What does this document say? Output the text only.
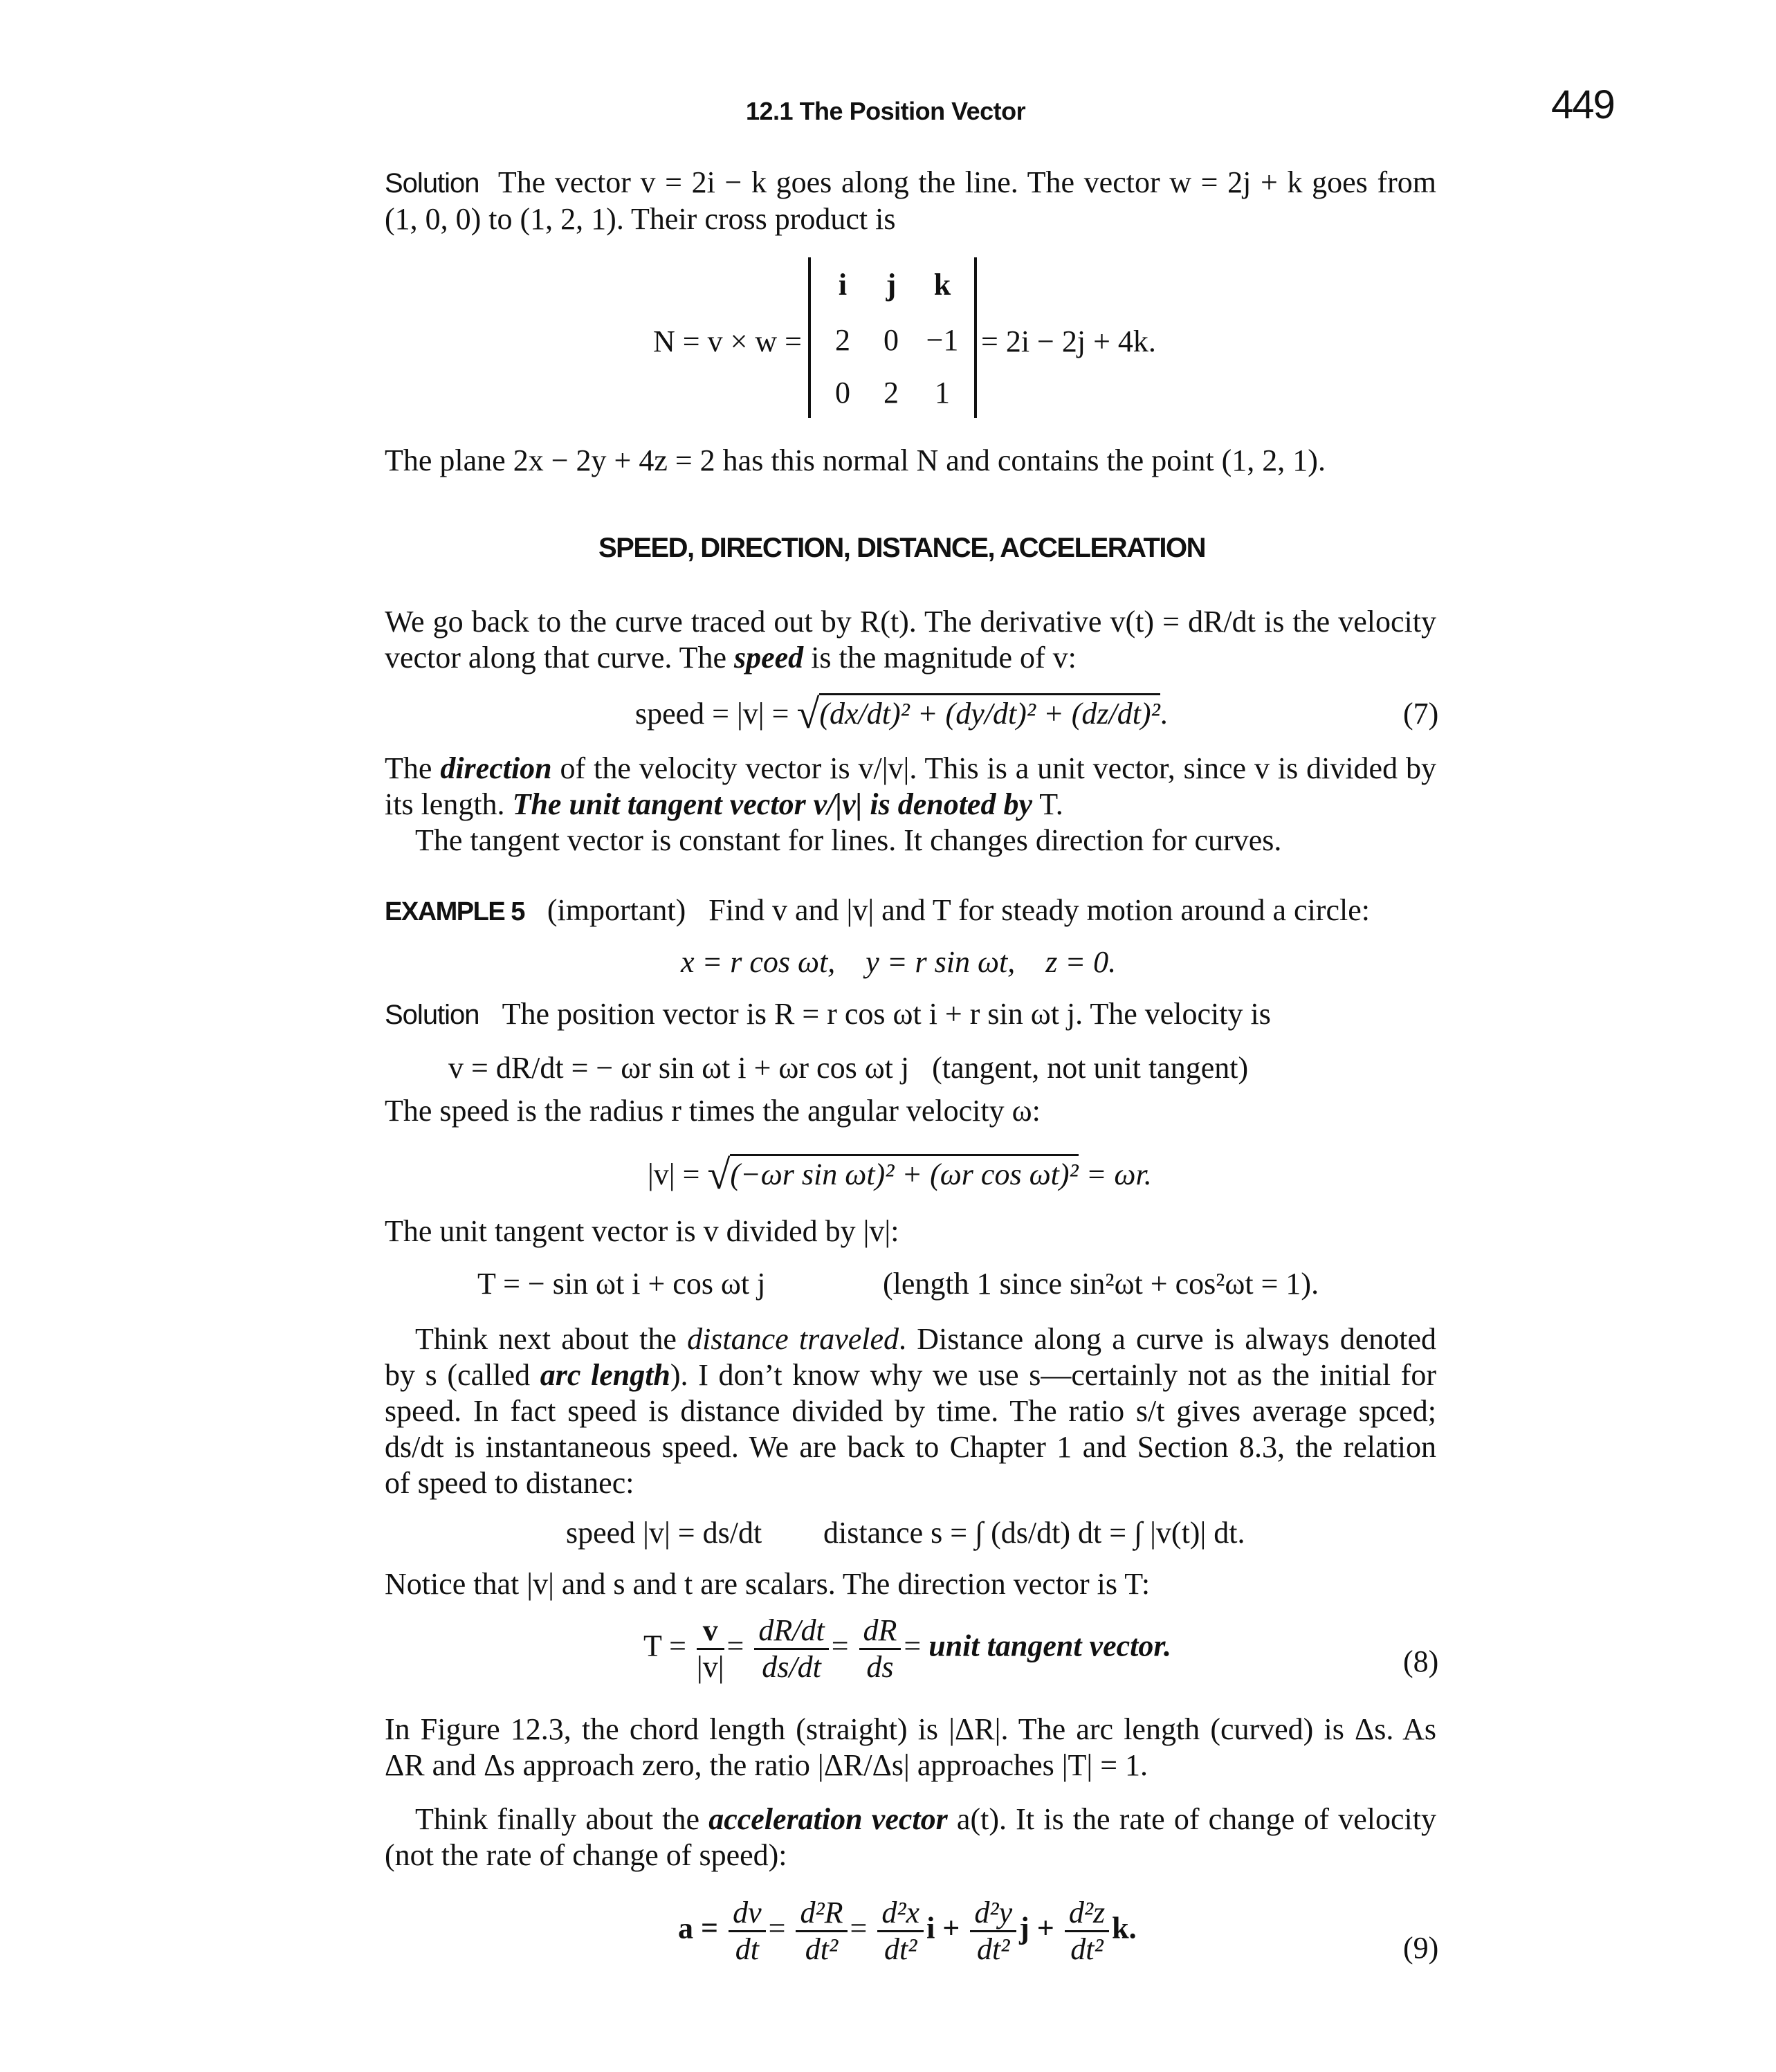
12.1 The Position Vector	449
Solution The vector v = 2i − k goes along the line. The vector w = 2j + k goes from
(1, 0, 0) to (1, 2, 1). Their cross product is
N = v × w =
i	j	k
2	0 −1
0	2	1
= 2i − 2j + 4k.
The plane 2x − 2y + 4z = 2 has this normal N and contains the point (1, 2, 1).
SPEED, DIRECTION, DISTANCE, ACCELERATION
We go back to the curve traced out by R(t). The derivative v(t) = dR/dt is the velocity
vector along that curve. The speed is the magnitude of v:
speed = |v| = √(dx/dt)² + (dy/dt)² + (dz/dt)².	(7)
The direction of the velocity vector is v/|v|. This is a unit vector, since v is divided by
its length. The unit tangent vector v/|v| is denoted by T.
The tangent vector is constant for lines. It changes direction for curves.
EXAMPLE 5 (important) Find v and |v| and T for steady motion around a circle:
x = r cos ωt,    y = r sin ωt,    z = 0.
Solution The position vector is R = r cos ωt i + r sin ωt j. The velocity is
v = dR/dt = − ωr sin ωt i + ωr cos ωt j (tangent, not unit tangent)
The speed is the radius r times the angular velocity ω:
|v| = √(−ωr sin ωt)² + (ωr cos ωt)² = ωr.
The unit tangent vector is v divided by |v|:
T = − sin ωt i + cos ωt j	(length 1 since sin²ωt + cos²ωt = 1).
Think next about the distance traveled. Distance along a curve is always denoted
by s (called arc length). I don’t know why we use s—certainly not as the initial for
speed. In fact speed is distance divided by time. The ratio s/t gives average spced;
ds/dt is instantaneous speed. We are back to Chapter 1 and Section 8.3, the relation
of speed to distanec:
speed |v| = ds/dt distance s = ∫ (ds/dt) dt = ∫ |v(t)| dt.
Notice that |v| and s and t are scalars. The direction vector is T:
$T = \frac{v}{|v|} = \frac{dR/dt}{ds/dt} = \frac{dR}{ds}$ = unit tangent vector.	(8)
In Figure 12.3, the chord length (straight) is |ΔR|. The arc length (curved) is Δs. As
ΔR and Δs approach zero, the ratio |ΔR/Δs| approaches |T| = 1.
Think finally about the acceleration vector a(t). It is the rate of change of velocity
(not the rate of change of speed):
$a = \frac{dv}{dt} = \frac{\text{d²R}}{\text{dt²}} = \frac{\text{d²x}}{\text{dt²}}$ $i + \frac{\text{d²y}}{\text{dt²}}$ $j + \frac{\text{d²z}}{\text{dt²}} k$.
(9)
